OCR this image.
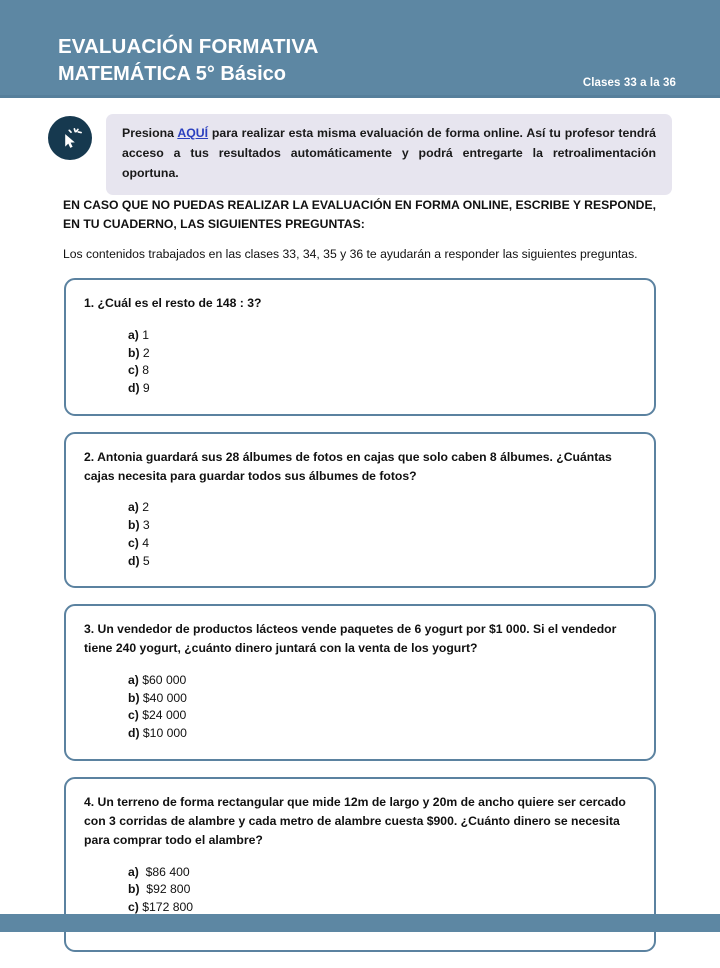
EVALUACIÓN FORMATIVA
MATEMÁTICA 5° Básico	Clases 33 a la 36

Presiona AQUÍ para realizar esta misma evaluación de forma online. Así tu profesor tendrá acceso a tus resultados automáticamente y podrá entregarte la retroalimentación oportuna.

EN CASO QUE NO PUEDAS REALIZAR LA EVALUACIÓN EN FORMA ONLINE, ESCRIBE Y RESPONDE, EN TU CUADERNO, LAS SIGUIENTES PREGUNTAS:

Los contenidos trabajados en las clases 33, 34, 35 y 36 te ayudarán a responder las siguientes preguntas.

1. ¿Cuál es el resto de 148 : 3?

a) 1
b) 2
c) 8
d) 9

2. Antonia guardará sus 28 álbumes de fotos en cajas que solo caben 8 álbumes. ¿Cuántas cajas necesita para guardar todos sus álbumes de fotos?

a) 2
b) 3
c) 4
d) 5

3. Un vendedor de productos lácteos vende paquetes de 6 yogurt por $1 000. Si el vendedor tiene 240 yogurt, ¿cuánto dinero juntará con la venta de los yogurt?

a) $60 000
b) $40 000
c) $24 000
d) $10 000

4. Un terreno de forma rectangular que mide 12m de largo y 20m de ancho quiere ser cercado con 3 corridas de alambre y cada metro de alambre cuesta $900. ¿Cuánto dinero se necesita para comprar todo el alambre?

a)  $86 400
b)  $92 800
c) $172 800
